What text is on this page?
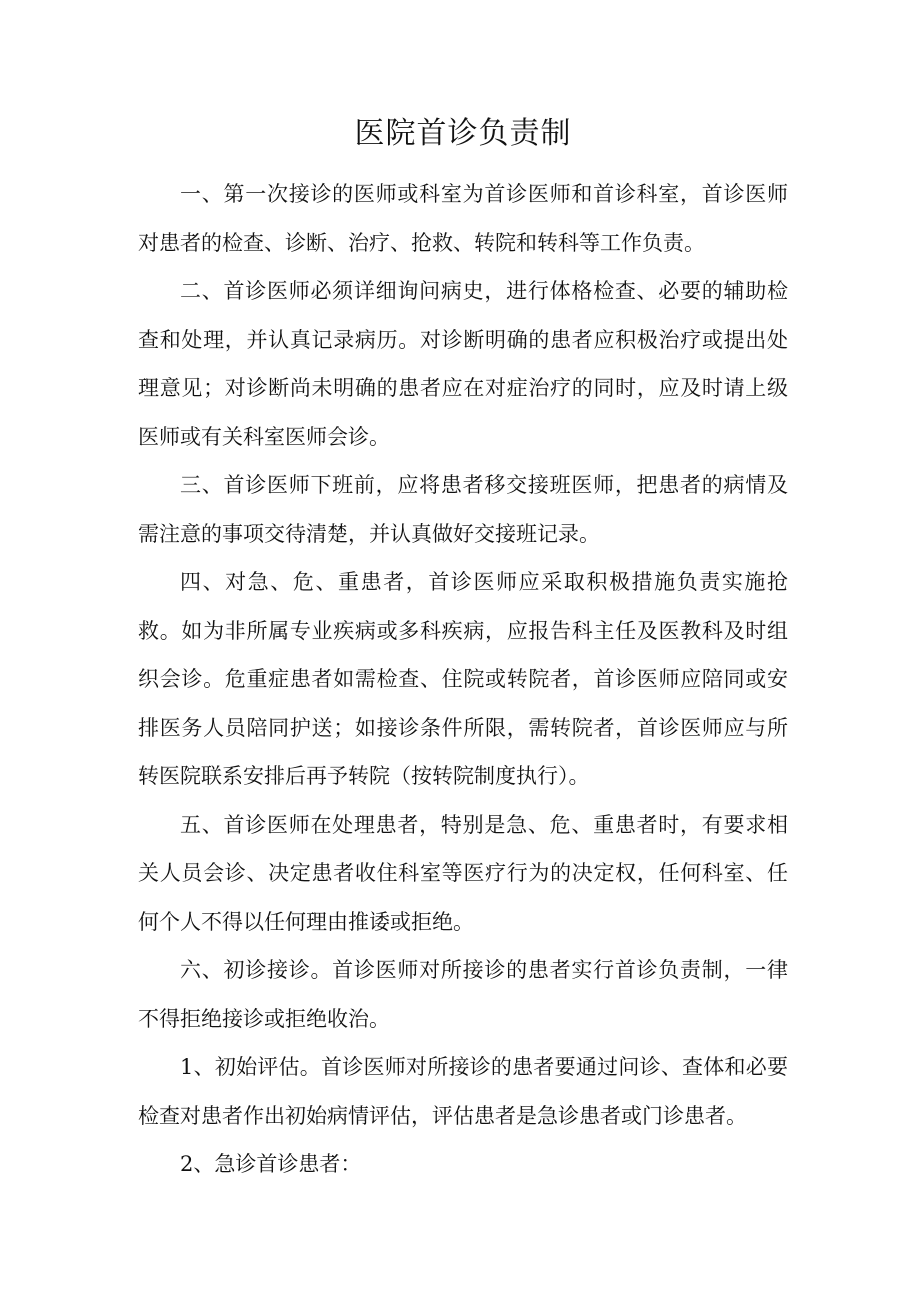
医院首诊负责制

一、第一次接诊的医师或科室为首诊医师和首诊科室，首诊医师对患者的检查、诊断、治疗、抢救、转院和转科等工作负责。

二、首诊医师必须详细询问病史，进行体格检查、必要的辅助检查和处理，并认真记录病历。对诊断明确的患者应积极治疗或提出处理意见；对诊断尚未明确的患者应在对症治疗的同时，应及时请上级医师或有关科室医师会诊。

三、首诊医师下班前，应将患者移交接班医师，把患者的病情及需注意的事项交待清楚，并认真做好交接班记录。

四、对急、危、重患者，首诊医师应采取积极措施负责实施抢救。如为非所属专业疾病或多科疾病，应报告科主任及医教科及时组织会诊。危重症患者如需检查、住院或转院者，首诊医师应陪同或安排医务人员陪同护送；如接诊条件所限，需转院者，首诊医师应与所转医院联系安排后再予转院（按转院制度执行）。

五、首诊医师在处理患者，特别是急、危、重患者时，有要求相关人员会诊、决定患者收住科室等医疗行为的决定权，任何科室、任何个人不得以任何理由推诿或拒绝。

六、初诊接诊。首诊医师对所接诊的患者实行首诊负责制，一律不得拒绝接诊或拒绝收治。

1、初始评估。首诊医师对所接诊的患者要通过问诊、查体和必要检查对患者作出初始病情评估，评估患者是急诊患者或门诊患者。

2、急诊首诊患者：
